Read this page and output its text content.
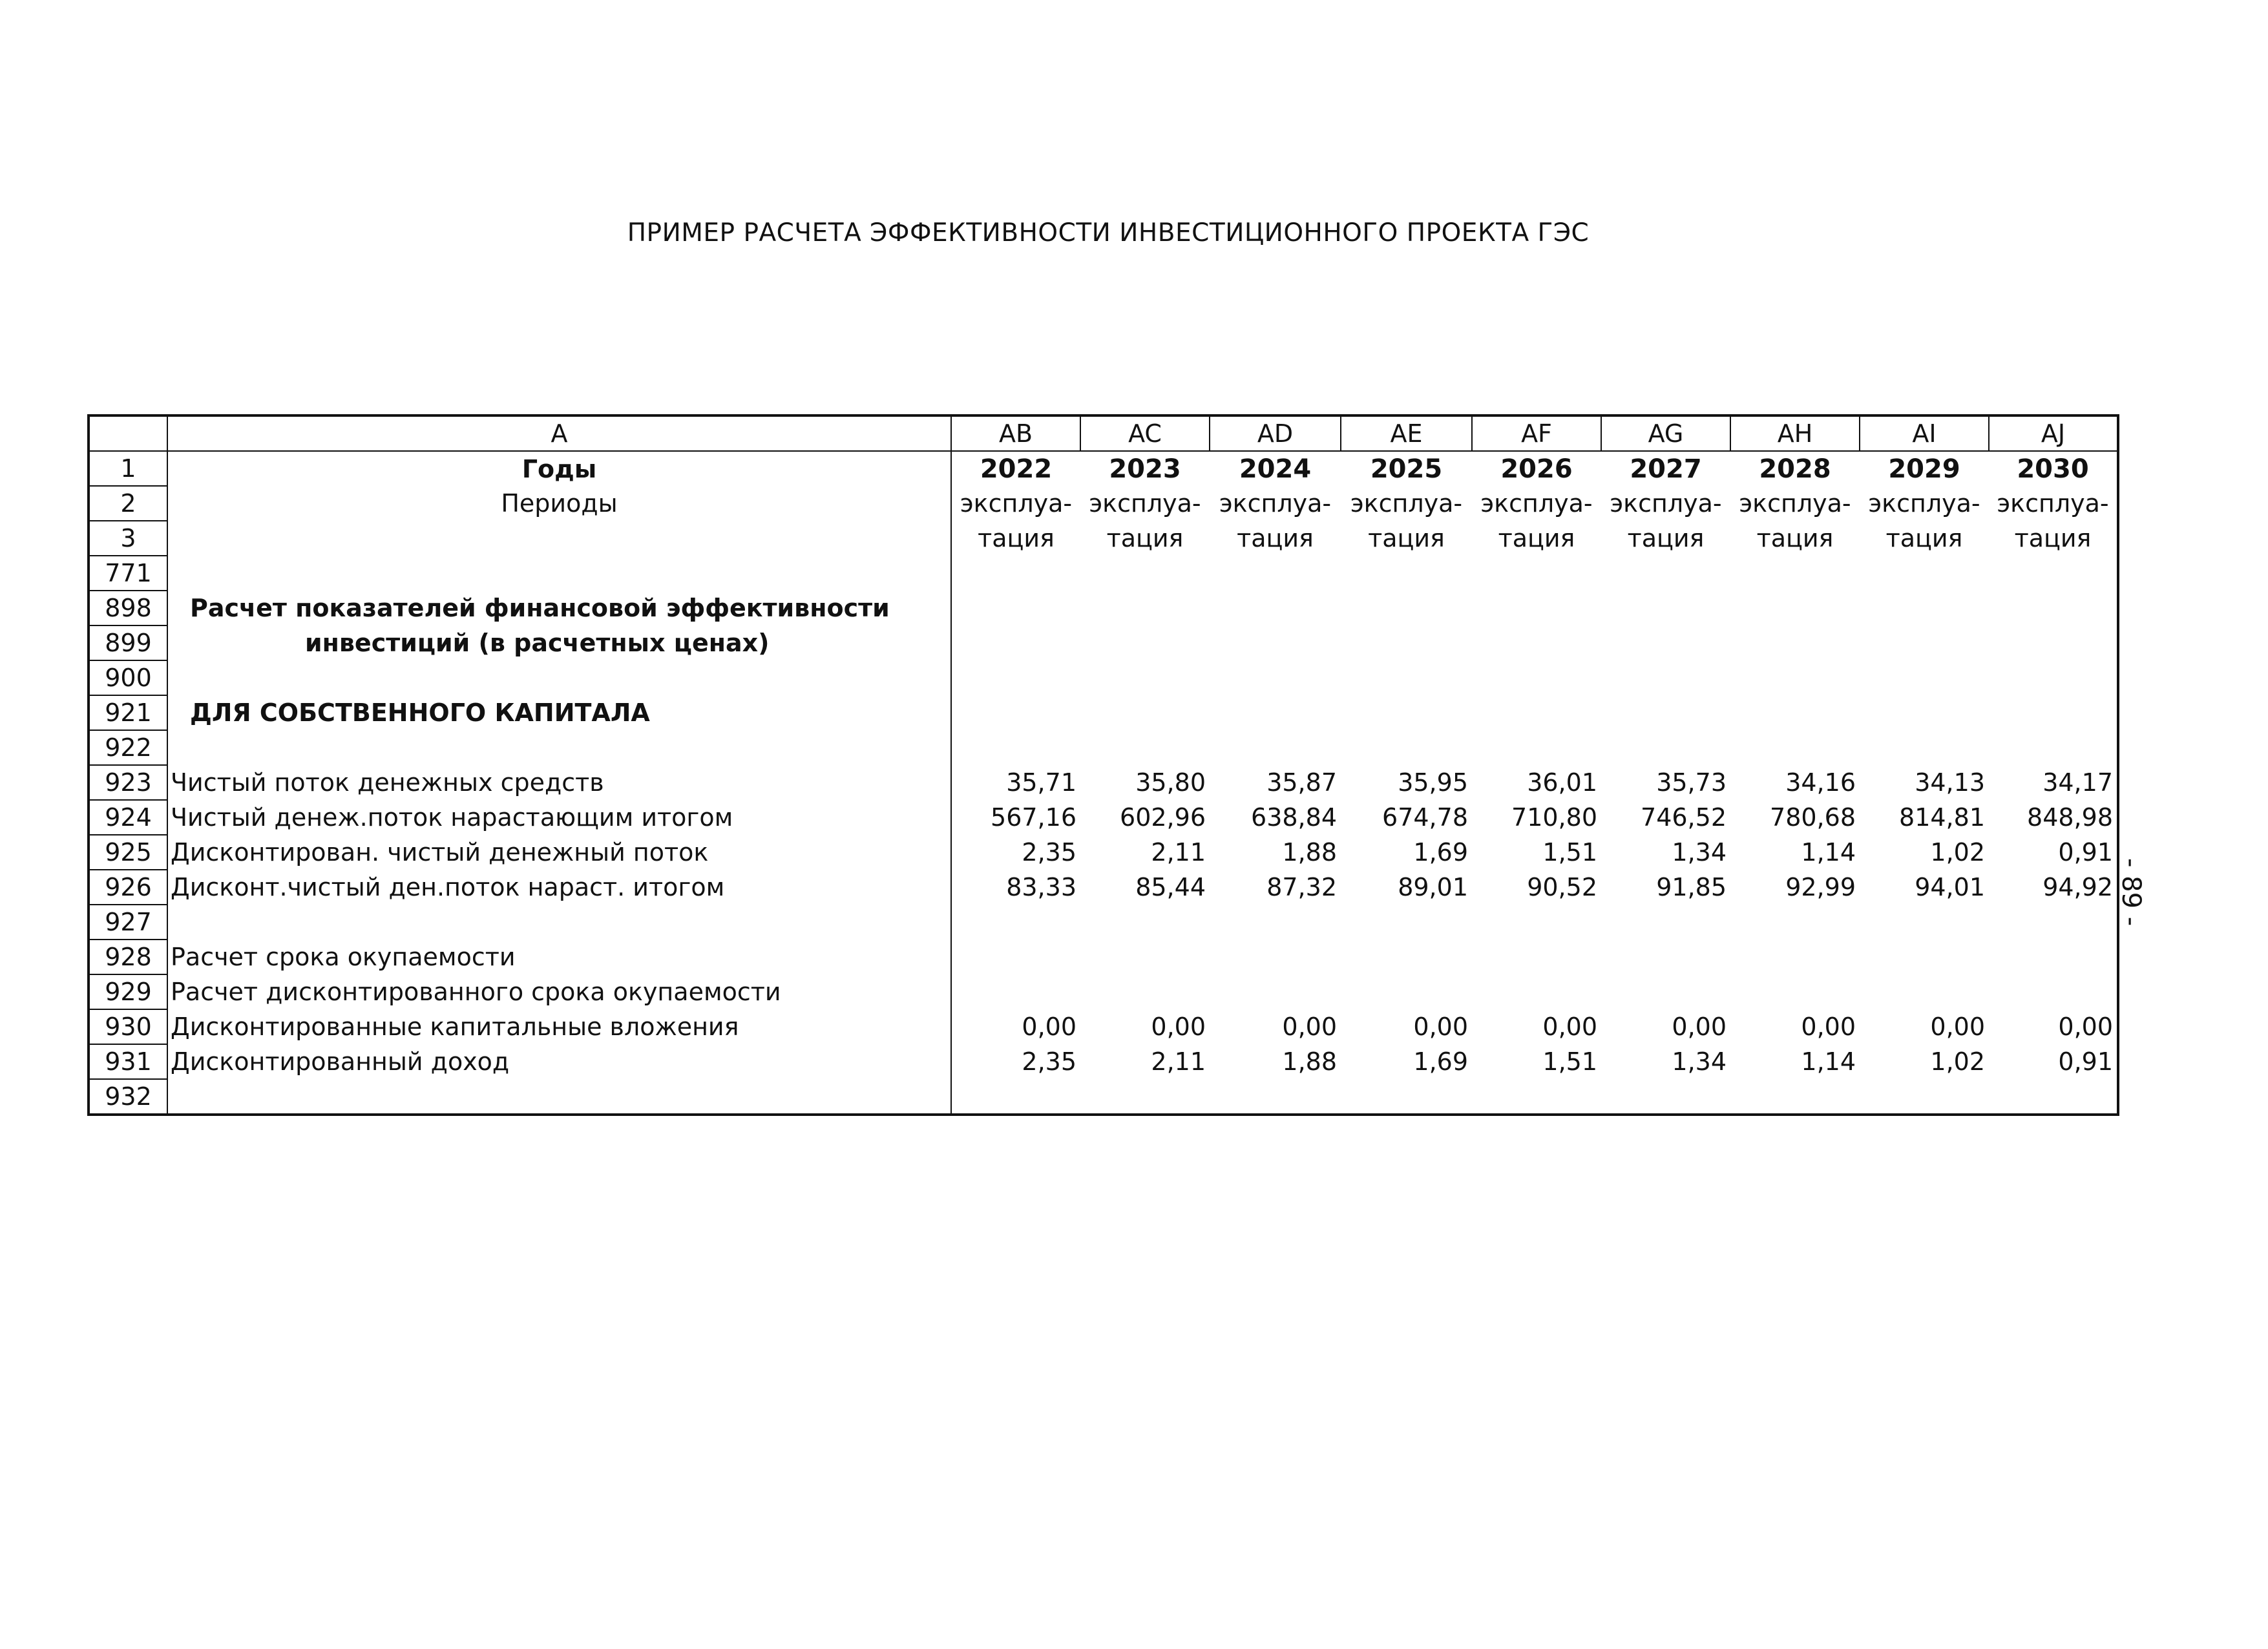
ПРИМЕР РАСЧЕТА ЭФФЕКТИВНОСТИ ИНВЕСТИЦИОННОГО ПРОЕКТА ГЭС
- 89 -
	A	AB	AC	AD	AE	AF	AG	AH	AI	AJ
1	Годы	2022	2023	2024	2025	2026	2027	2028	2029	2030
2	Периоды	эксплуа-	эксплуа-	эксплуа-	эксплуа-	эксплуа-	эксплуа-	эксплуа-	эксплуа-	эксплуа-
3		тация	тация	тация	тация	тация	тация	тация	тация	тация
771										
898	Расчет показателей финансовой эффективности									
899	инвестиций (в расчетных ценах)									
900										
921	ДЛЯ СОБСТВЕННОГО КАПИТАЛА									
922										
923	Чистый поток денежных средств	35,71	35,80	35,87	35,95	36,01	35,73	34,16	34,13	34,17
924	Чистый денеж.поток нарастающим итогом	567,16	602,96	638,84	674,78	710,80	746,52	780,68	814,81	848,98
925	Дисконтирован. чистый денежный поток	2,35	2,11	1,88	1,69	1,51	1,34	1,14	1,02	0,91
926	Дисконт.чистый ден.поток нараст. итогом	83,33	85,44	87,32	89,01	90,52	91,85	92,99	94,01	94,92
927										
928	Расчет срока окупаемости									
929	Расчет дисконтированного срока окупаемости									
930	Дисконтированные капитальные вложения	0,00	0,00	0,00	0,00	0,00	0,00	0,00	0,00	0,00
931	Дисконтированный доход	2,35	2,11	1,88	1,69	1,51	1,34	1,14	1,02	0,91
932										
